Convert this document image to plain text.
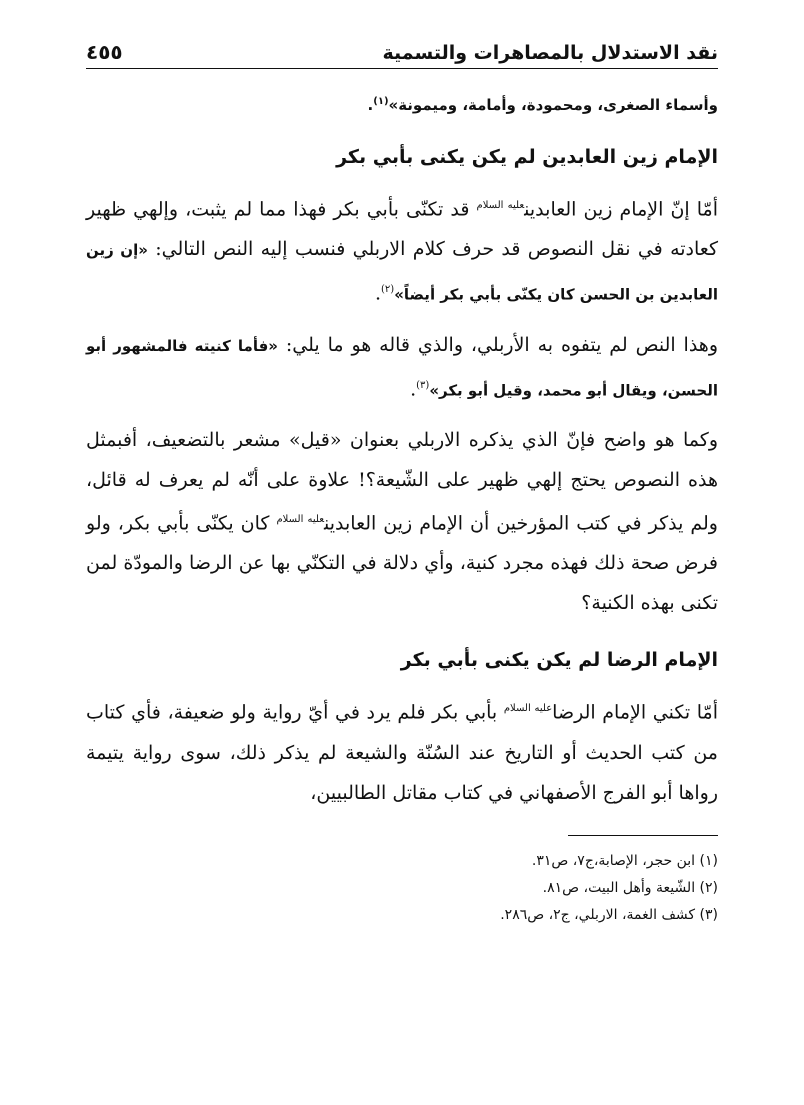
نقد الاستدلال بالمصاهرات والتسمية
٤٥٥

وأسماء الصغرى، ومحمودة، وأمامة، وميمونة»$^{(١)}$.

الإمام زين العابدين لم يكن يكنى بأبي بكر

أمّا إنّ الإمام زين العابدين$^{عليه السلام}$ قد تكنّى بأبي بكر فهذا مما لم يثبت، وإلهي ظهير كعادته في نقل النصوص قد حرف كلام الاربلي فنسب إليه النص التالي: «إن زين العابدين بن الحسن كان يكنّى بأبي بكر أيضاً»$^{(٢)}$.

وهذا النص لم يتفوه به الأربلي، والذي قاله هو ما يلي: «فأما كنيته فالمشهور أبو الحسن، ويقال أبو محمد، وقيل أبو بكر»$^{(٣)}$.

وكما هو واضح فإنّ الذي يذكره الاربلي بعنوان «قيل» مشعر بالتضعيف، أفبمثل هذه النصوص يحتج إلهي ظهير على الشّيعة؟! علاوة على أنّه لم يعرف له قائل، ولم يذكر في كتب المؤرخين أن الإمام زين العابدين$^{عليه السلام}$ كان يكنّى بأبي بكر، ولو فرض صحة ذلك فهذه مجرد كنية، وأي دلالة في التكنّي بها عن الرضا والمودّة لمن تكنى بهذه الكنية؟

الإمام الرضا لم يكن يكنى بأبي بكر

أمّا تكني الإمام الرضا$^{عليه السلام}$ بأبي بكر فلم يرد في أيّ رواية ولو ضعيفة، فأي كتاب من كتب الحديث أو التاريخ عند السُنّة والشيعة لم يذكر ذلك، سوى رواية يتيمة رواها أبو الفرج الأصفهاني في كتاب مقاتل الطالبيين،

(١) ابن حجر، الإصابة،ج٧، ص٣١.
(٢) الشّيعة وأهل البيت، ص٨١.
(٣) كشف الغمة، الاربلي، ج٢، ص٢٨٦.
